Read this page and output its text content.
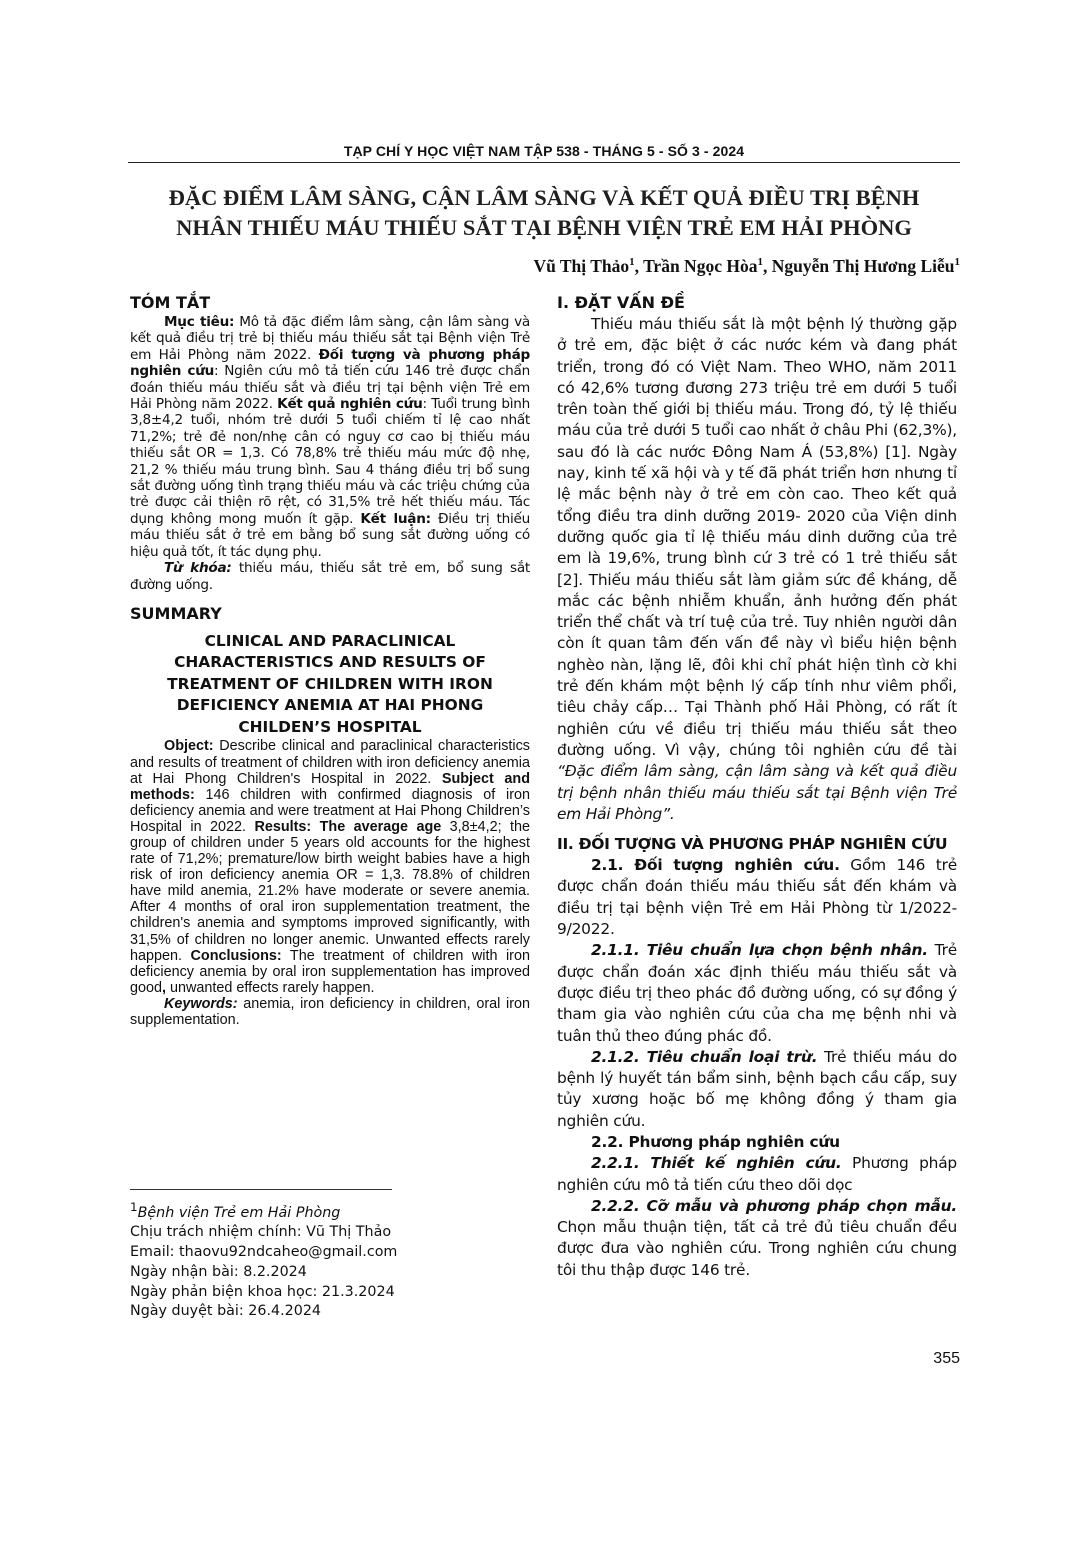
TẠP CHÍ Y HỌC VIỆT NAM TẬP 538 - THÁNG 5 - SỐ 3 - 2024
ĐẶC ĐIỂM LÂM SÀNG, CẬN LÂM SÀNG VÀ KẾT QUẢ ĐIỀU TRỊ BỆNH
NHÂN THIẾU MÁU THIẾU SẮT TẠI BỆNH VIỆN TRẺ EM HẢI PHÒNG
Vũ Thị Thảo$^1$, Trần Ngọc Hòa$^1$, Nguyễn Thị Hương Liễu$^1$
TÓM TẮT

Mục tiêu: Mô tả đặc điểm lâm sàng, cận lâm sàng và kết quả điều trị trẻ bị thiếu máu thiếu sắt tại Bệnh viện Trẻ em Hải Phòng năm 2022. Đối tượng và phương pháp nghiên cứu: Ngiên cứu mô tả tiến cứu 146 trẻ được chẩn đoán thiếu máu thiếu sắt và điều trị tại bệnh viện Trẻ em Hải Phòng năm 2022. Kết quả nghiên cứu: Tuổi trung bình 3,8±4,2 tuổi, nhóm trẻ dưới 5 tuổi chiếm tỉ lệ cao nhất 71,2%; trẻ đẻ non/nhẹ cân có nguy cơ cao bị thiếu máu thiếu sắt OR = 1,3. Có 78,8% trẻ thiếu máu mức độ nhẹ, 21,2 % thiếu máu trung bình. Sau 4 tháng điều trị bổ sung sắt đường uống tình trạng thiếu máu và các triệu chứng của trẻ được cải thiện rõ rệt, có 31,5% trẻ hết thiếu máu. Tác dụng không mong muốn ít gặp. Kết luận: Điều trị thiếu máu thiếu sắt ở trẻ em bằng bổ sung sắt đường uống có hiệu quả tốt, ít tác dụng phụ.

Từ khóa: thiếu máu, thiếu sắt trẻ em, bổ sung sắt đường uống.

SUMMARY
CLINICAL AND PARACLINICAL CHARACTERISTICS AND RESULTS OF TREATMENT OF CHILDREN WITH IRON DEFICIENCY ANEMIA AT HAI PHONG CHILDEN’S HOSPITAL

Object: Describe clinical and paraclinical characteristics and results of treatment of children with iron deficiency anemia at Hai Phong Children's Hospital in 2022. Subject and methods: 146 children with confirmed diagnosis of iron deficiency anemia and were treatment at Hai Phong Children’s Hospital in 2022. Results: The average age 3,8±4,2; the group of children under 5 years old accounts for the highest rate of 71,2%; premature/low birth weight babies have a high risk of iron deficiency anemia OR = 1,3. 78.8% of children have mild anemia, 21.2% have moderate or severe anemia. After 4 months of oral iron supplementation treatment, the children's anemia and symptoms improved significantly, with 31,5% of children no longer anemic. Unwanted effects rarely happen. Conclusions: The treatment of children with iron deficiency anemia by oral iron supplementation has improved good, unwanted effects rarely happen.

Keywords: anemia, iron deficiency in children, oral iron supplementation.

$^1$Bệnh viện Trẻ em Hải Phòng
Chịu trách nhiệm chính: Vũ Thị Thảo
Email: thaovu92ndcaheo@gmail.com
Ngày nhận bài: 8.2.2024
Ngày phản biện khoa học: 21.3.2024
Ngày duyệt bài: 26.4.2024
I. ĐẶT VẤN ĐỀ

Thiếu máu thiếu sắt là một bệnh lý thường gặp ở trẻ em, đặc biệt ở các nước kém và đang phát triển, trong đó có Việt Nam. Theo WHO, năm 2011 có 42,6% tương đương 273 triệu trẻ em dưới 5 tuổi trên toàn thế giới bị thiếu máu. Trong đó, tỷ lệ thiếu máu của trẻ dưới 5 tuổi cao nhất ở châu Phi (62,3%), sau đó là các nước Đông Nam Á (53,8%) [1]. Ngày nay, kinh tế xã hội và y tế đã phát triển hơn nhưng tỉ lệ mắc bệnh này ở trẻ em còn cao. Theo kết quả tổng điều tra dinh dưỡng 2019- 2020 của Viện dinh dưỡng quốc gia tỉ lệ thiếu máu dinh dưỡng của trẻ em là 19,6%, trung bình cứ 3 trẻ có 1 trẻ thiếu sắt [2]. Thiếu máu thiếu sắt làm giảm sức đề kháng, dễ mắc các bệnh nhiễm khuẩn, ảnh hưởng đến phát triển thể chất và trí tuệ của trẻ. Tuy nhiên người dân còn ít quan tâm đến vấn đề này vì biểu hiện bệnh nghèo nàn, lặng lẽ, đôi khi chỉ phát hiện tình cờ khi trẻ đến khám một bệnh lý cấp tính như viêm phổi, tiêu chảy cấp… Tại Thành phố Hải Phòng, có rất ít nghiên cứu về điều trị thiếu máu thiếu sắt theo đường uống. Vì vậy, chúng tôi nghiên cứu đề tài “Đặc điểm lâm sàng, cận lâm sàng và kết quả điều trị bệnh nhân thiếu máu thiếu sắt tại Bệnh viện Trẻ em Hải Phòng”.

II. ĐỐI TƯỢNG VÀ PHƯƠNG PHÁP NGHIÊN CỨU

2.1. Đối tượng nghiên cứu. Gồm 146 trẻ được chẩn đoán thiếu máu thiếu sắt đến khám và điều trị tại bệnh viện Trẻ em Hải Phòng từ 1/2022- 9/2022.

2.1.1. Tiêu chuẩn lựa chọn bệnh nhân. Trẻ được chẩn đoán xác định thiếu máu thiếu sắt và được điều trị theo phác đồ đường uống, có sự đồng ý tham gia vào nghiên cứu của cha mẹ bệnh nhi và tuân thủ theo đúng phác đồ.

2.1.2. Tiêu chuẩn loại trừ. Trẻ thiếu máu do bệnh lý huyết tán bẩm sinh, bệnh bạch cầu cấp, suy tủy xương hoặc bố mẹ không đồng ý tham gia nghiên cứu.

2.2. Phương pháp nghiên cứu

2.2.1. Thiết kế nghiên cứu. Phương pháp nghiên cứu mô tả tiến cứu theo dõi dọc

2.2.2. Cỡ mẫu và phương pháp chọn mẫu. Chọn mẫu thuận tiện, tất cả trẻ đủ tiêu chuẩn đều được đưa vào nghiên cứu. Trong nghiên cứu chung tôi thu thập được 146 trẻ.

355
